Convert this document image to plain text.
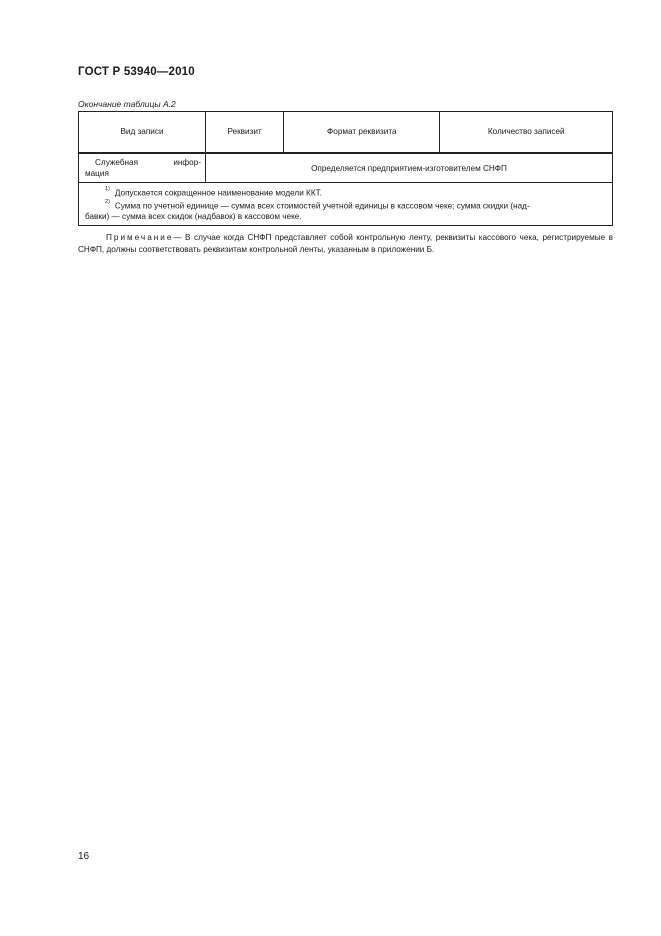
ГОСТ Р 53940—2010
Окончание таблицы А.2
Вид записи	Реквизит	Формат реквизита	Количество записей

Служебная инфор-
мация	Определяется предприятием-изготовителем СНФП		

$^{1)}$ Допускается сокращенное наименование модели ККТ.
$^{2)}$ Сумма по учетной единице — сумма всех стоимостей учетной единицы в кассовом чеке; сумма скидки (над-
бавки) — сумма всех скидок (надбавок) в кассовом чеке.			
Примечание— В случае когда СНФП представляет собой контрольную ленту, реквизиты кассового чека, регистрируемые в СНФП, должны соответствовать реквизитам контрольной ленты, указанным в приложении Б.
16
